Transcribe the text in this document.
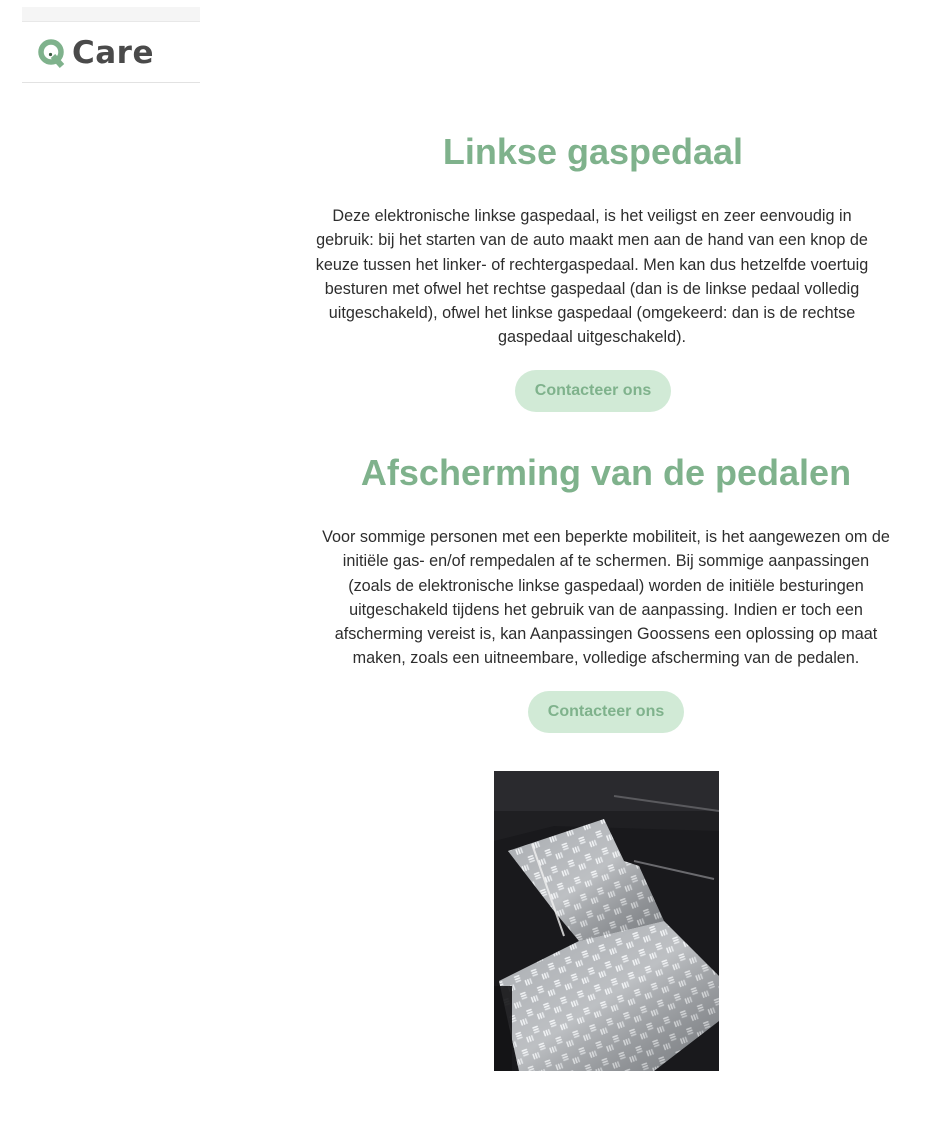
Care
Linkse gaspedaal

Deze elektronische linkse gaspedaal, is het veiligst en zeer eenvoudig in
gebruik: bij het starten van de auto maakt men aan de hand van een knop de
keuze tussen het linker- of rechtergaspedaal. Men kan dus hetzelfde voertuig
besturen met ofwel het rechtse gaspedaal (dan is de linkse pedaal volledig
uitgeschakeld), ofwel het linkse gaspedaal (omgekeerd: dan is de rechtse
gaspedaal uitgeschakeld).

Contacteer ons
Afscherming van de pedalen

Voor sommige personen met een beperkte mobiliteit, is het aangewezen om de
initiële gas- en/of rempedalen af te schermen. Bij sommige aanpassingen
(zoals de elektronische linkse gaspedaal) worden de initiële besturingen
uitgeschakeld tijdens het gebruik van de aanpassing. Indien er toch een
afscherming vereist is, kan Aanpassingen Goossens een oplossing op maat
maken, zoals een uitneembare, volledige afscherming van de pedalen.

Contacteer ons
